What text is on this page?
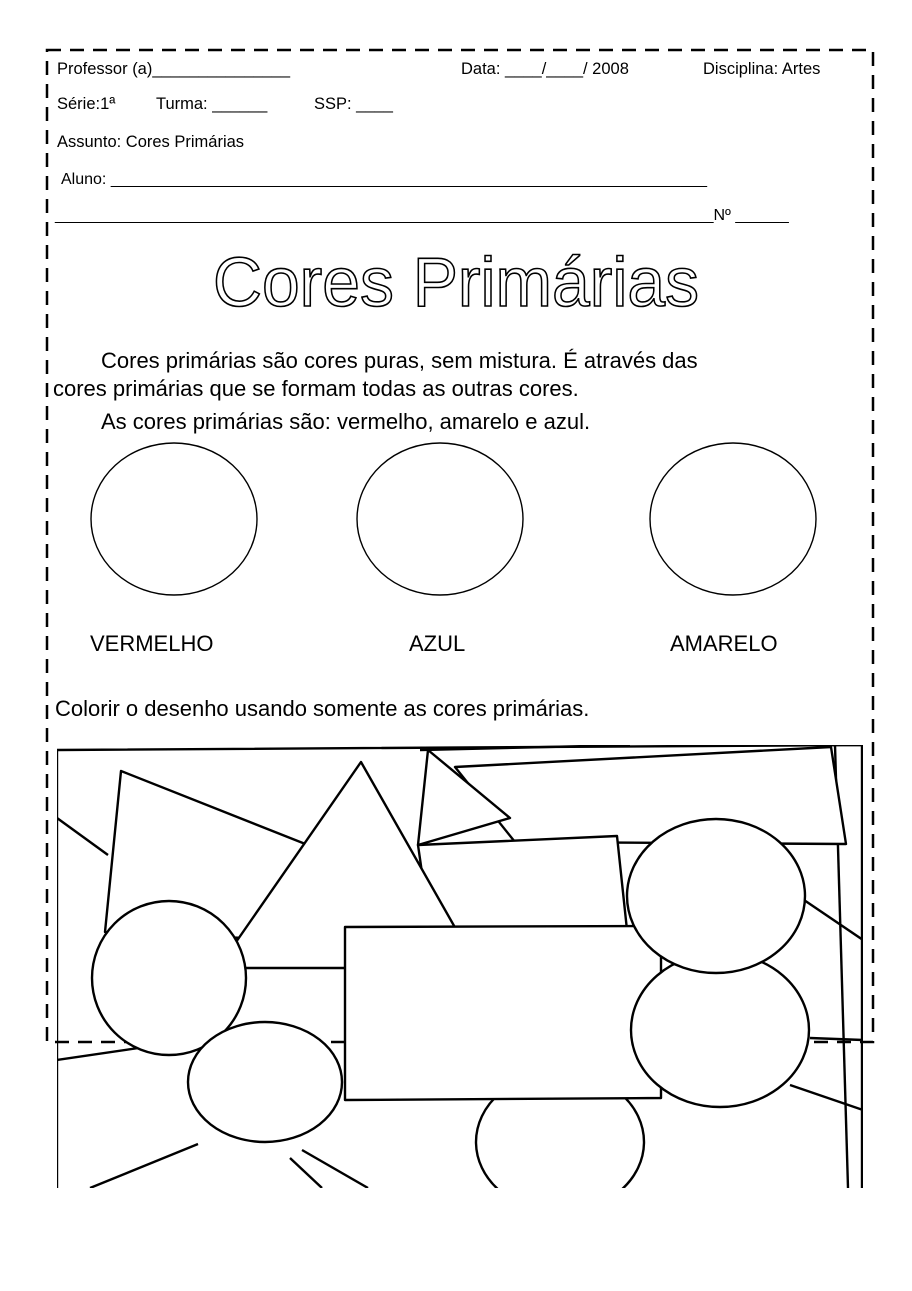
Professor (a)_______________	Data: ____/____/ 2008	Disciplina: Artes
Série:1ª Turma: ______	SSP: ____
Assunto: Cores Primárias
Aluno: ___________________________________________________________________
__________________________________________________________________________Nº ______
Cores Primárias
Cores primárias são cores puras, sem mistura. É através das
cores primárias que se formam todas as outras cores.
As cores primárias são: vermelho, amarelo e azul.
VERMELHO	AZUL	AMARELO
Colorir o desenho usando somente as cores primárias.
